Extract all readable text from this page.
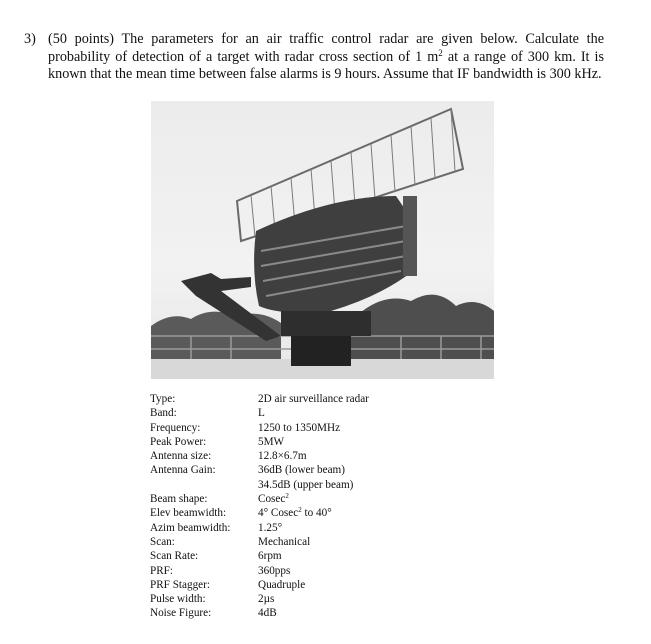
3) (50 points) The parameters for an air traffic control radar are given below. Calculate the probability of detection of a target with radar cross section of 1 $m^2$ at a range of 300 km. It is known that the mean time between false alarms is 9 hours. Assume that IF bandwidth is 300 kHz.
Type:	2D air surveillance radar
Band:	L
Frequency:	1250 to 1350MHz
Peak Power:	5MW
Antenna size:	12.8×6.7m
Antenna Gain:	36dB (lower beam)
34.5dB (upper beam)
Beam shape:	Cosec$^2$
Elev beamwidth:	4° Cosec$^2$ to 40°
Azim beamwidth:	1.25°
Scan:	Mechanical
Scan Rate:	6rpm
PRF:	360pps
PRF Stagger:	Quadruple
Pulse width:	2µs
Noise Figure:	4dB
